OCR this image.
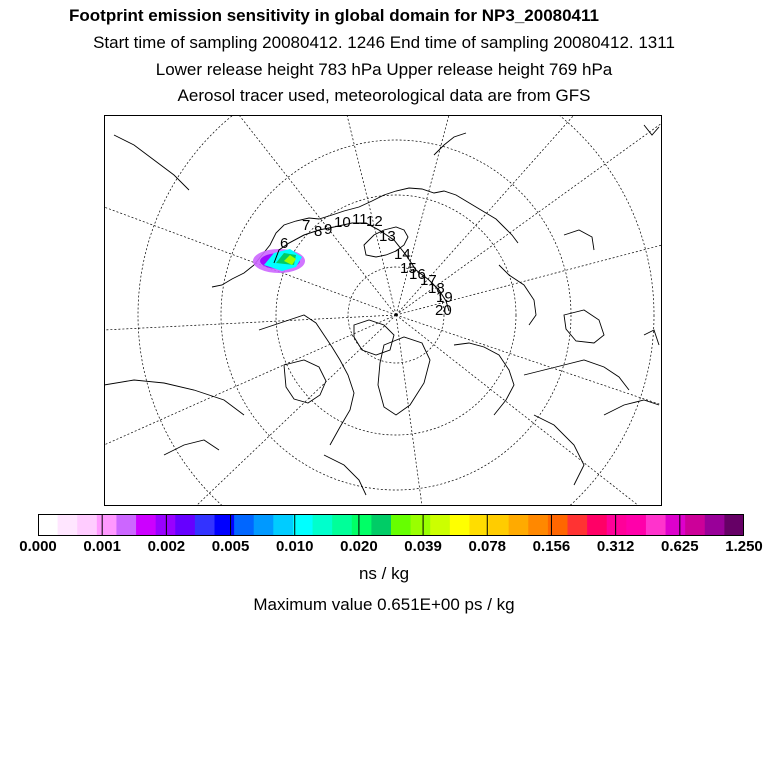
Footprint emission sensitivity in global domain for NP3_20080411
Start time of sampling 20080412. 1246 End time of sampling 20080412. 1311
Lower release height 783 hPa Upper release height 769 hPa
Aerosol tracer used, meteorological data are from GFS
6
7 8 9 10 11
12
13
14
15
16
17
18
19
20
0.000 0.001 0.002 0.005 0.010 0.020 0.039 0.078 0.156 0.312 0.625 1.250
ns / kg
Maximum value 0.651E+00 ps / kg
